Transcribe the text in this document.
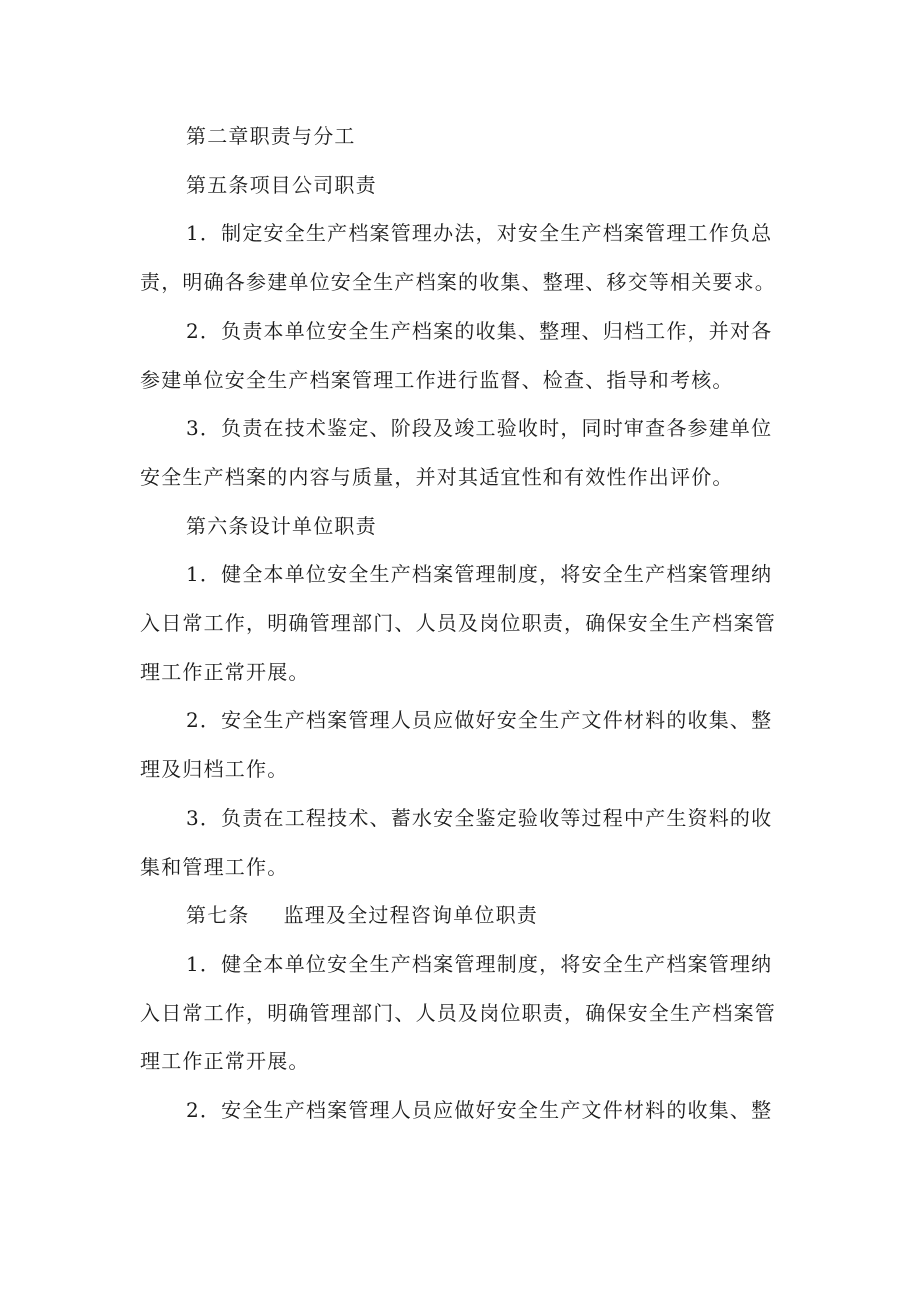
第二章职责与分工

第五条项目公司职责

1．制定安全生产档案管理办法，对安全生产档案管理工作负总

责，明确各参建单位安全生产档案的收集、整理、移交等相关要求。

2．负责本单位安全生产档案的收集、整理、归档工作，并对各

参建单位安全生产档案管理工作进行监督、检查、指导和考核。

3．负责在技术鉴定、阶段及竣工验收时，同时审查各参建单位

安全生产档案的内容与质量，并对其适宜性和有效性作出评价。

第六条设计单位职责

1．健全本单位安全生产档案管理制度，将安全生产档案管理纳

入日常工作，明确管理部门、人员及岗位职责，确保安全生产档案管
理工作正常开展。

2．安全生产档案管理人员应做好安全生产文件材料的收集、整

理及归档工作。

3．负责在工程技术、蓄水安全鉴定验收等过程中产生资料的收

集和管理工作。

第七条 监理及全过程咨询单位职责

1．健全本单位安全生产档案管理制度，将安全生产档案管理纳

入日常工作，明确管理部门、人员及岗位职责，确保安全生产档案管
理工作正常开展。

2．安全生产档案管理人员应做好安全生产文件材料的收集、整
